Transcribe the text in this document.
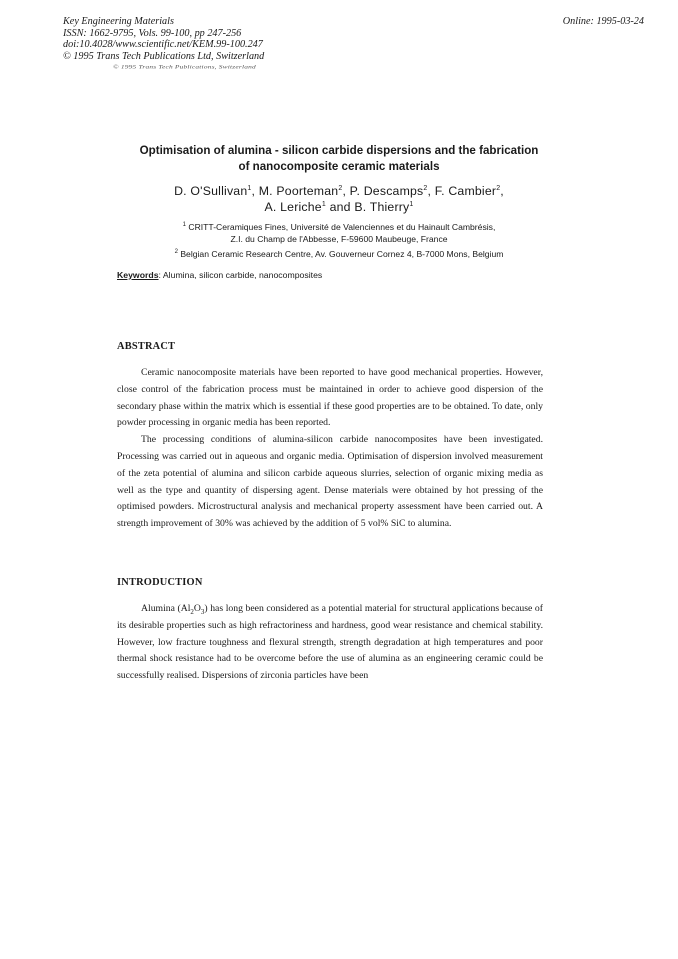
Key Engineering Materials
ISSN: 1662-9795, Vols. 99-100, pp 247-256
doi:10.4028/www.scientific.net/KEM.99-100.247
© 1995 Trans Tech Publications Ltd, Switzerland
Online: 1995-03-24
© 1995 Trans Tech Publications, Switzerland
Optimisation of alumina - silicon carbide dispersions and the fabrication
of nanocomposite ceramic materials
D. O'Sullivan$^1$, M. Poorteman$^2$, P. Descamps$^2$, F. Cambier$^2$,
A. Leriche$^1$ and B. Thierry$^1$
$^1$ CRITT-Ceramiques Fines, Université de Valenciennes et du Hainault Cambrésis,
Z.I. du Champ de l'Abbesse, F-59600 Maubeuge, France
$^2$ Belgian Ceramic Research Centre, Av. Gouverneur Cornez 4, B-7000 Mons, Belgium
Keywords: Alumina, silicon carbide, nanocomposites
ABSTRACT

Ceramic nanocomposite materials have been reported to have good mechanical properties. However, close control of the fabrication process must be maintained in order to achieve good dispersion of the secondary phase within the matrix which is essential if these good properties are to be obtained. To date, only powder processing in organic media has been reported.

The processing conditions of alumina-silicon carbide nanocomposites have been investigated. Processing was carried out in aqueous and organic media. Optimisation of dispersion involved measurement of the zeta potential of alumina and silicon carbide aqueous slurries, selection of organic mixing media as well as the type and quantity of dispersing agent. Dense materials were obtained by hot pressing of the optimised powders. Microstructural analysis and mechanical property assessment have been carried out. A strength improvement of 30% was achieved by the addition of 5 vol% SiC to alumina.

INTRODUCTION

Alumina $(Al_2O_3)$ has long been considered as a potential material for structural applications because of its desirable properties such as high refractoriness and hardness, good wear resistance and chemical stability. However, low fracture toughness and flexural strength, strength degradation at high temperatures and poor thermal shock resistance had to be overcome before the use of alumina as an engineering ceramic could be successfully realised. Dispersions of zirconia particles have been
